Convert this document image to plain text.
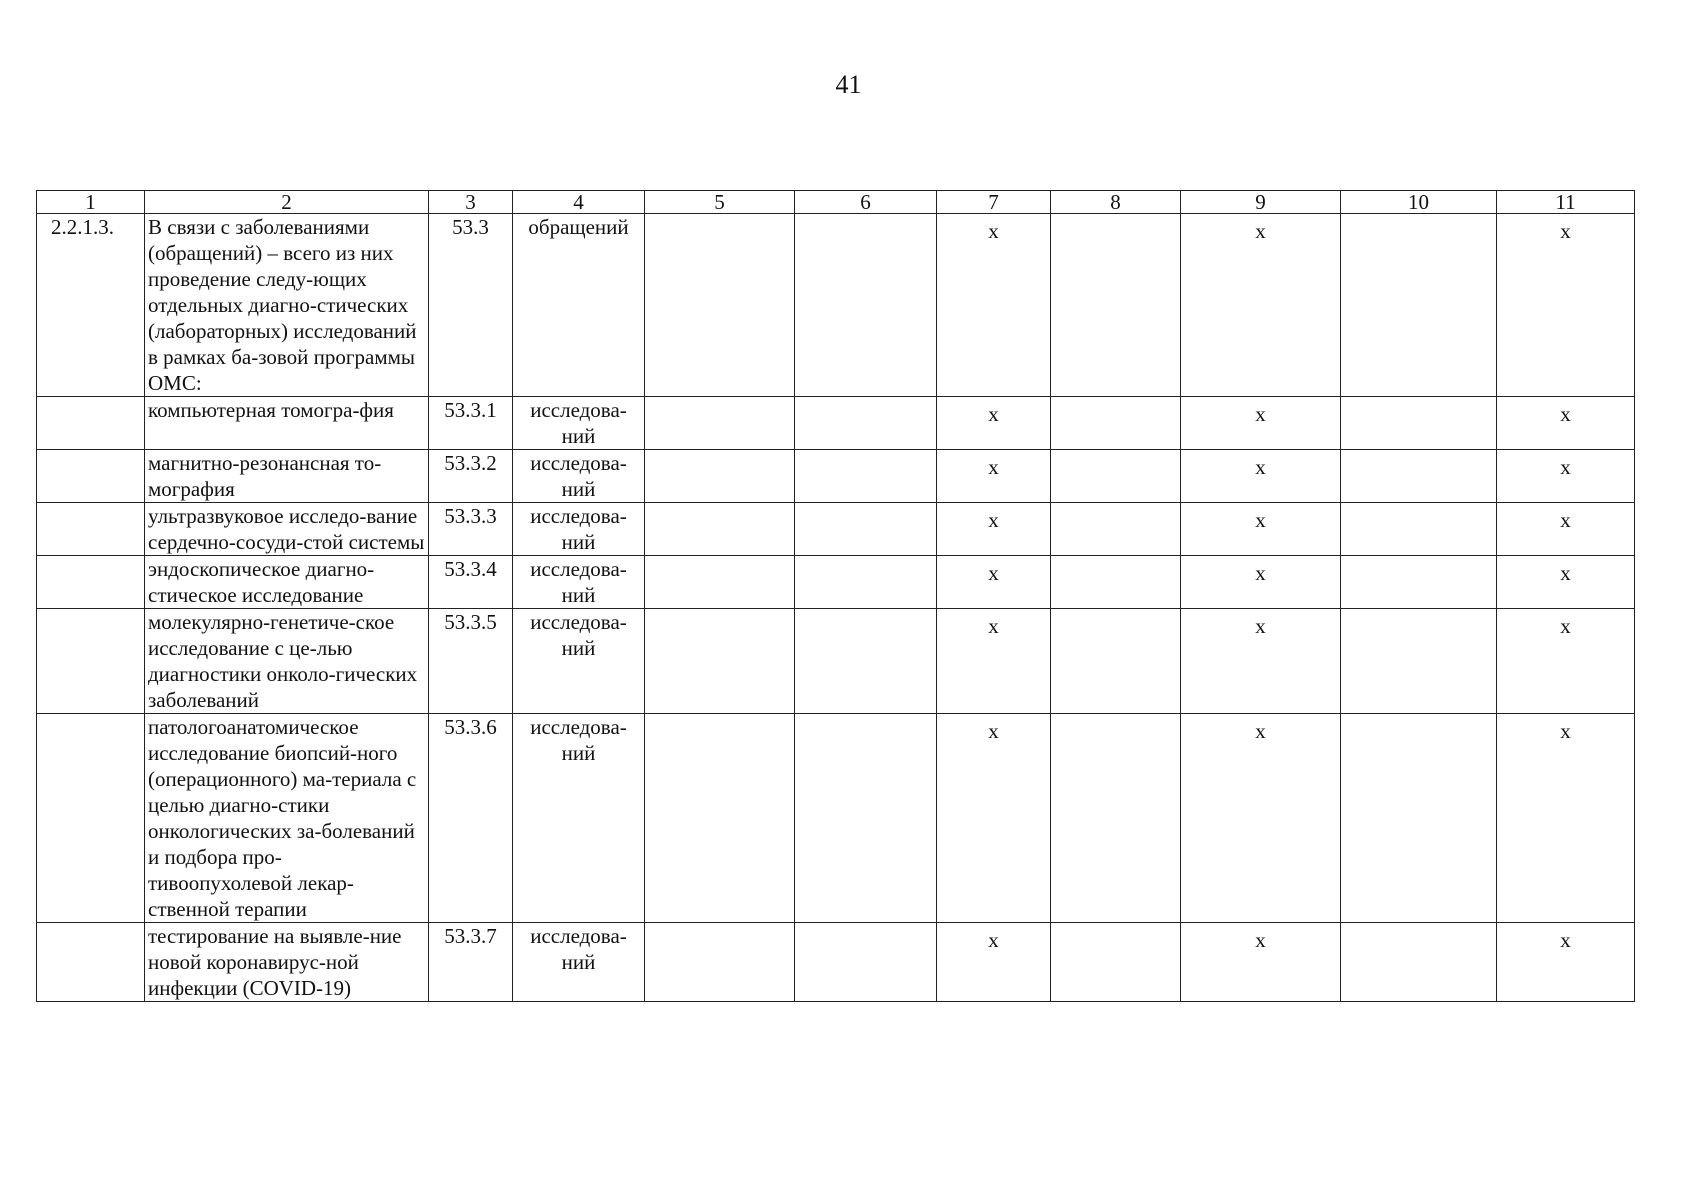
41
1	2	3	4	5	6	7	8	9	10	11
2.2.1.3.	В связи с заболеваниями (обращений) – всего из них проведение следу-ющих отдельных диагно-стических (лабораторных) исследований в рамках ба-зовой программы ОМС:	53.3	обращений			x		x		x
	компьютерная томогра-фия	53.3.1	исследова-ний			x		x		x
	магнитно-резонансная то-мография	53.3.2	исследова-ний			x		x		x
	ультразвуковое исследо-вание сердечно-сосуди-стой системы	53.3.3	исследова-ний			x		x		x
	эндоскопическое диагно-стическое исследование	53.3.4	исследова-ний			x		x		x
	молекулярно-генетиче-ское исследование с це-лью диагностики онколо-гических заболеваний	53.3.5	исследова-ний			x		x		x
	патологоанатомическое исследование биопсий-ного (операционного) ма-териала с целью диагно-стики онкологических за-болеваний и подбора про-тивоопухолевой лекар-ственной терапии	53.3.6	исследова-ний			x		x		x
	тестирование на выявле-ние новой коронавирус-ной инфекции (COVID-19)	53.3.7	исследова-ний			x		x		x
